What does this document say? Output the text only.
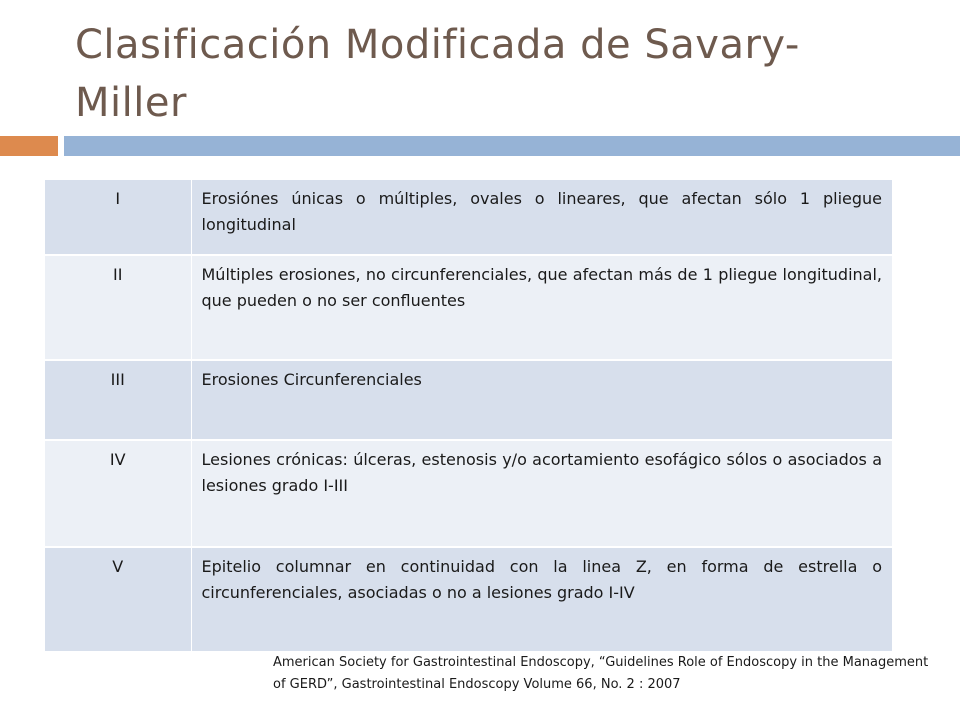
Clasificación Modificada de Savary-Miller
I	Erosiónes únicas o múltiples, ovales o lineares, que afectan sólo 1 pliegue longitudinal
II	Múltiples erosiones, no circunferenciales, que afectan más de 1 pliegue longitudinal, que pueden o no ser confluentes
III	Erosiones Circunferenciales
IV	Lesiones crónicas: úlceras, estenosis y/o acortamiento esofágico sólos o asociados a lesiones grado I-III
V	Epitelio columnar en continuidad con la linea Z, en forma de estrella o circunferenciales, asociadas o no a lesiones grado I-IV

American Society for Gastrointestinal Endoscopy, “Guidelines Role of Endoscopy in the Management of GERD”, Gastrointestinal Endoscopy Volume 66, No. 2 : 2007
